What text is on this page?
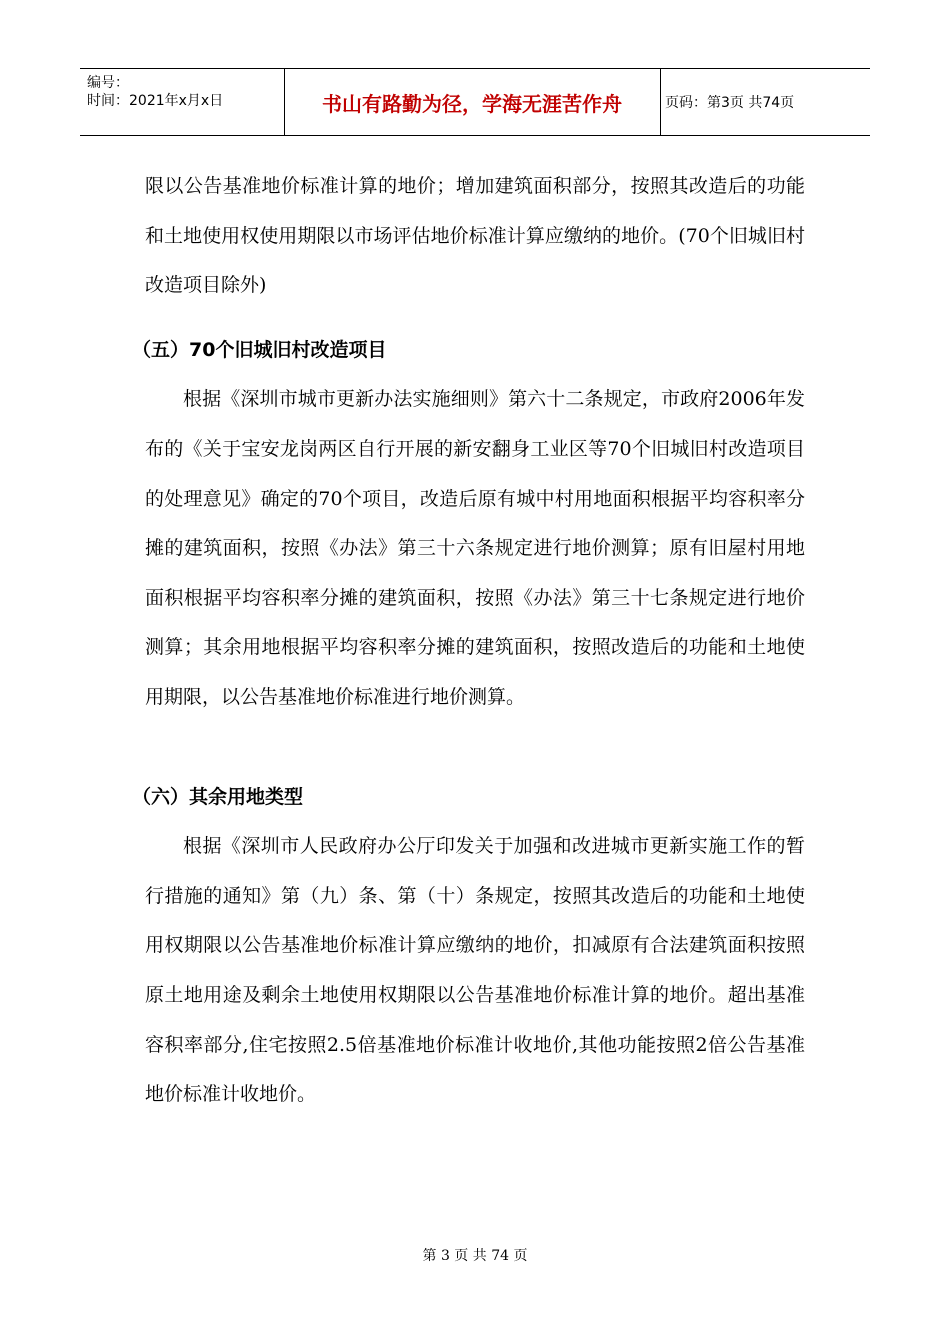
编号：
时间：2021年x月x日	书山有路勤为径，学海无涯苦作舟	页码：第3页 共74页

限以公告基准地价标准计算的地价；增加建筑面积部分，按照其改造后的功能和土地使用权使用期限以市场评估地价标准计算应缴纳的地价。(70个旧城旧村改造项目除外)

（五）70个旧城旧村改造项目

根据《深圳市城市更新办法实施细则》第六十二条规定，市政府2006年发布的《关于宝安龙岗两区自行开展的新安翻身工业区等70个旧城旧村改造项目的处理意见》确定的70个项目，改造后原有城中村用地面积根据平均容积率分摊的建筑面积，按照《办法》第三十六条规定进行地价测算；原有旧屋村用地面积根据平均容积率分摊的建筑面积，按照《办法》第三十七条规定进行地价测算；其余用地根据平均容积率分摊的建筑面积，按照改造后的功能和土地使用期限，以公告基准地价标准进行地价测算。

（六）其余用地类型

根据《深圳市人民政府办公厅印发关于加强和改进城市更新实施工作的暂行措施的通知》第（九）条、第（十）条规定，按照其改造后的功能和土地使用权期限以公告基准地价标准计算应缴纳的地价，扣减原有合法建筑面积按照原土地用途及剩余土地使用权期限以公告基准地价标准计算的地价。超出基准容积率部分,住宅按照2.5倍基准地价标准计收地价,其他功能按照2倍公告基准地价标准计收地价。

第 3 页 共 74 页
